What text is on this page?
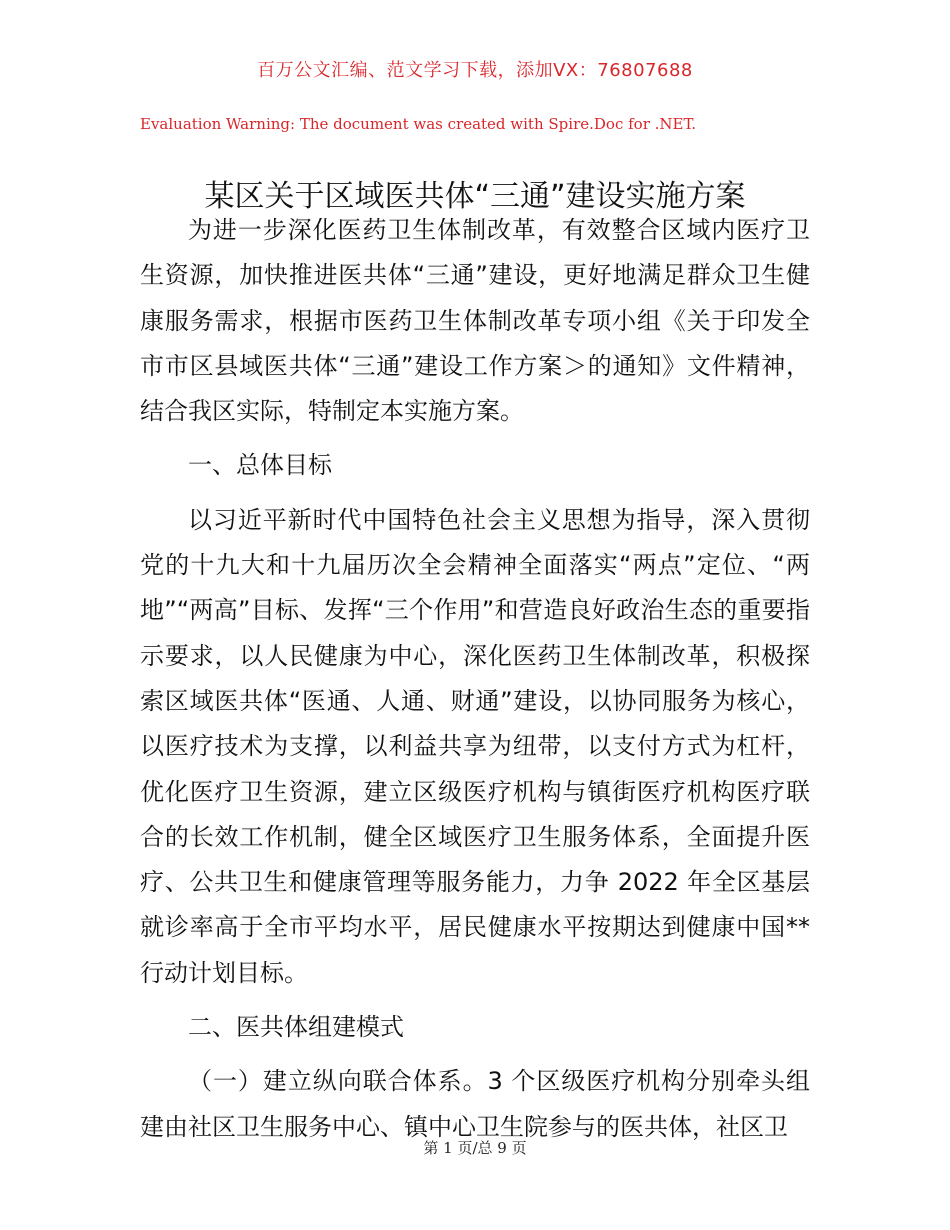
百万公文汇编、范文学习下载，添加VX：76807688
Evaluation Warning: The document was created with Spire.Doc for .NET.
某区关于区域医共体“三通”建设实施方案

为进一步深化医药卫生体制改革，有效整合区域内医疗卫生资源，加快推进医共体“三通”建设，更好地满足群众卫生健康服务需求，根据市医药卫生体制改革专项小组《关于印发全市市区县域医共体“三通”建设工作方案＞的通知》文件精神，结合我区实际，特制定本实施方案。

一、总体目标

以习近平新时代中国特色社会主义思想为指导，深入贯彻党的十九大和十九届历次全会精神全面落实“两点”定位、“两地”“两高”目标、发挥“三个作用”和营造良好政治生态的重要指示要求，以人民健康为中心，深化医药卫生体制改革，积极探索区域医共体“医通、人通、财通”建设，以协同服务为核心，以医疗技术为支撑，以利益共享为纽带，以支付方式为杠杆，优化医疗卫生资源，建立区级医疗机构与镇街医疗机构医疗联合的长效工作机制，健全区域医疗卫生服务体系，全面提升医疗、公共卫生和健康管理等服务能力，力争 2022 年全区基层就诊率高于全市平均水平，居民健康水平按期达到健康中国**行动计划目标。

二、医共体组建模式

（一）建立纵向联合体系。3 个区级医疗机构分别牵头组建由社区卫生服务中心、镇中心卫生院参与的医共体，社区卫

第 1 页/总 9 页
